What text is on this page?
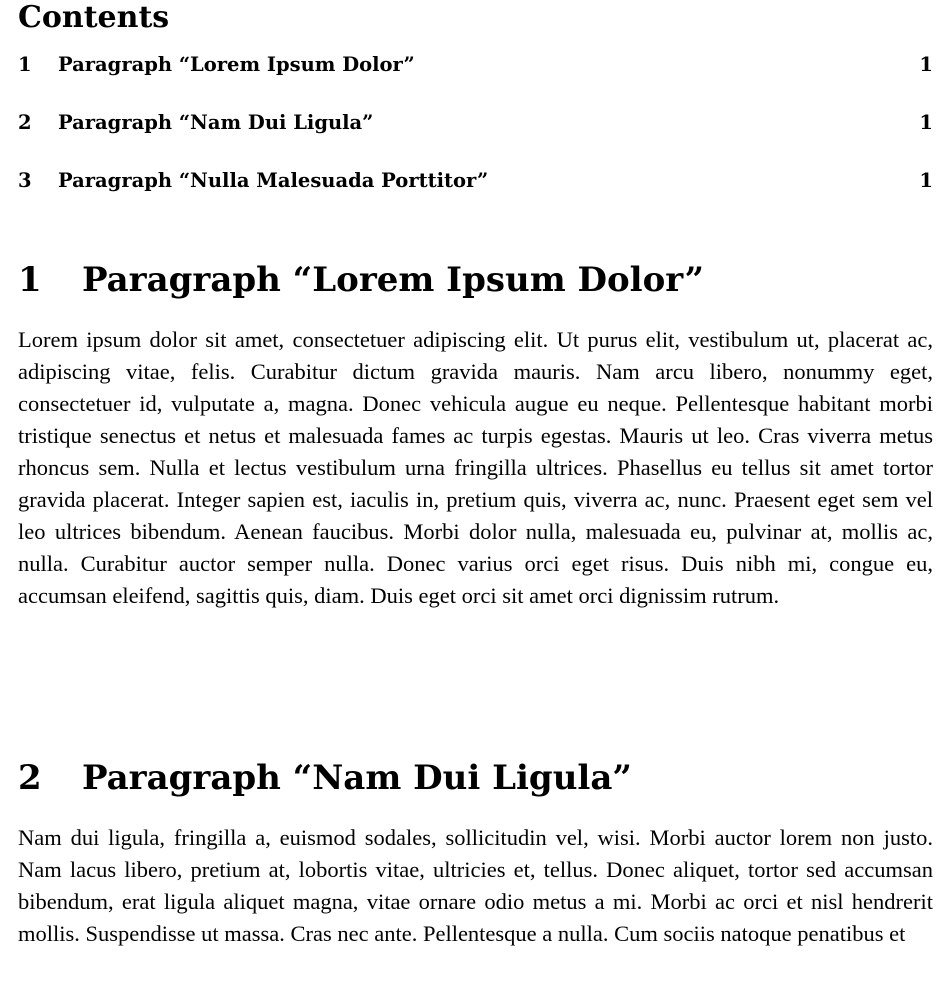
Contents
1	Paragraph “Lorem Ipsum Dolor”	1
2	Paragraph “Nam Dui Ligula”	1
3	Paragraph “Nulla Malesuada Porttitor”	1
1	Paragraph “Lorem Ipsum Dolor”

Lorem ipsum dolor sit amet, consectetuer adipiscing elit. Ut purus elit, vestibulum ut, placerat ac, adipiscing vitae, felis. Curabitur dictum gravida mauris. Nam arcu libero, nonummy eget, consectetuer id, vulputate a, magna. Donec vehicula augue eu neque. Pellentesque habitant morbi tristique senectus et netus et malesuada fames ac turpis egestas. Mauris ut leo. Cras viverra metus rhoncus sem. Nulla et lectus vestibulum urna fringilla ultrices. Phasellus eu tellus sit amet tortor gravida placerat. Integer sapien est, iaculis in, pretium quis, viverra ac, nunc. Praesent eget sem vel leo ultrices bibendum. Aenean faucibus. Morbi dolor nulla, malesuada eu, pulvinar at, mollis ac, nulla. Curabitur auctor semper nulla. Donec varius orci eget risus. Duis nibh mi, congue eu, accumsan eleifend, sagittis quis, diam. Duis eget orci sit amet orci dignissim rutrum.

2	Paragraph “Nam Dui Ligula”

Nam dui ligula, fringilla a, euismod sodales, sollicitudin vel, wisi. Morbi auctor lorem non justo. Nam lacus libero, pretium at, lobortis vitae, ultricies et, tellus. Donec aliquet, tortor sed accumsan bibendum, erat ligula aliquet magna, vitae ornare odio metus a mi. Morbi ac orci et nisl hendrerit mollis. Suspendisse ut massa. Cras nec ante. Pellentesque a nulla. Cum sociis natoque penatibus et
